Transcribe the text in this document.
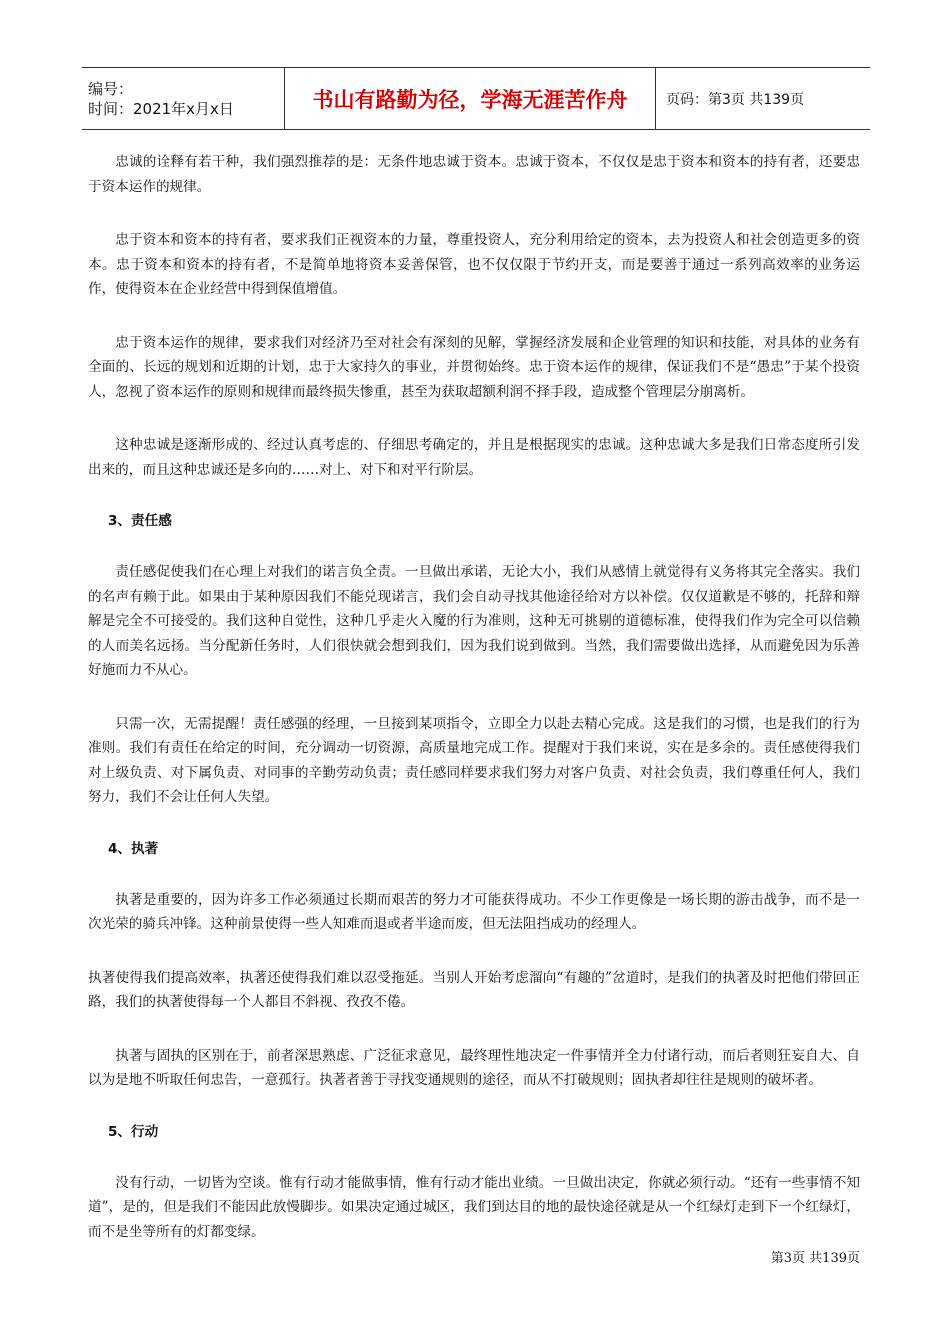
编号：
时间：2021年x月x日	书山有路勤为径，学海无涯苦作舟	页码：第3页 共139页

忠诚的诠释有若干种，我们强烈推荐的是：无条件地忠诚于资本。忠诚于资本，不仅仅是忠于资本和资本的持有者，还要忠于资本运作的规律。

忠于资本和资本的持有者，要求我们正视资本的力量，尊重投资人，充分利用给定的资本，去为投资人和社会创造更多的资本。忠于资本和资本的持有者，不是简单地将资本妥善保管，也不仅仅限于节约开支，而是要善于通过一系列高效率的业务运作，使得资本在企业经营中得到保值增值。

忠于资本运作的规律，要求我们对经济乃至对社会有深刻的见解，掌握经济发展和企业管理的知识和技能，对具体的业务有全面的、长远的规划和近期的计划，忠于大家持久的事业，并贯彻始终。忠于资本运作的规律，保证我们不是“愚忠”于某个投资人，忽视了资本运作的原则和规律而最终损失惨重，甚至为获取超额利润不择手段，造成整个管理层分崩离析。

这种忠诚是逐渐形成的、经过认真考虑的、仔细思考确定的，并且是根据现实的忠诚。这种忠诚大多是我们日常态度所引发出来的，而且这种忠诚还是多向的……对上、对下和对平行阶层。

3、责任感

责任感促使我们在心理上对我们的诺言负全责。一旦做出承诺，无论大小，我们从感情上就觉得有义务将其完全落实。我们的名声有赖于此。如果由于某种原因我们不能兑现诺言，我们会自动寻找其他途径给对方以补偿。仅仅道歉是不够的，托辞和辩解是完全不可接受的。我们这种自觉性，这种几乎走火入魔的行为准则，这种无可挑剔的道德标准，使得我们作为完全可以信赖的人而美名远扬。当分配新任务时，人们很快就会想到我们，因为我们说到做到。当然，我们需要做出选择，从而避免因为乐善好施而力不从心。

只需一次，无需提醒！责任感强的经理，一旦接到某项指令，立即全力以赴去精心完成。这是我们的习惯，也是我们的行为准则。我们有责任在给定的时间，充分调动一切资源，高质量地完成工作。提醒对于我们来说，实在是多余的。责任感使得我们对上级负责、对下属负责、对同事的辛勤劳动负责；责任感同样要求我们努力对客户负责、对社会负责，我们尊重任何人，我们努力，我们不会让任何人失望。

4、执著

执著是重要的，因为许多工作必须通过长期而艰苦的努力才可能获得成功。不少工作更像是一场长期的游击战争，而不是一次光荣的骑兵冲锋。这种前景使得一些人知难而退或者半途而废，但无法阻挡成功的经理人。

执著使得我们提高效率，执著还使得我们难以忍受拖延。当别人开始考虑溜向“有趣的”岔道时，是我们的执著及时把他们带回正路，我们的执著使得每一个人都目不斜视、孜孜不倦。

执著与固执的区别在于，前者深思熟虑、广泛征求意见，最终理性地决定一件事情并全力付诸行动，而后者则狂妄自大、自以为是地不听取任何忠告，一意孤行。执著者善于寻找变通规则的途径，而从不打破规则；固执者却往往是规则的破坏者。

5、行动

没有行动，一切皆为空谈。惟有行动才能做事情，惟有行动才能出业绩。一旦做出决定，你就必须行动。“还有一些事情不知道”，是的，但是我们不能因此放慢脚步。如果决定通过城区，我们到达目的地的最快途径就是从一个红绿灯走到下一个红绿灯，而不是坐等所有的灯都变绿。

第3页 共139页
